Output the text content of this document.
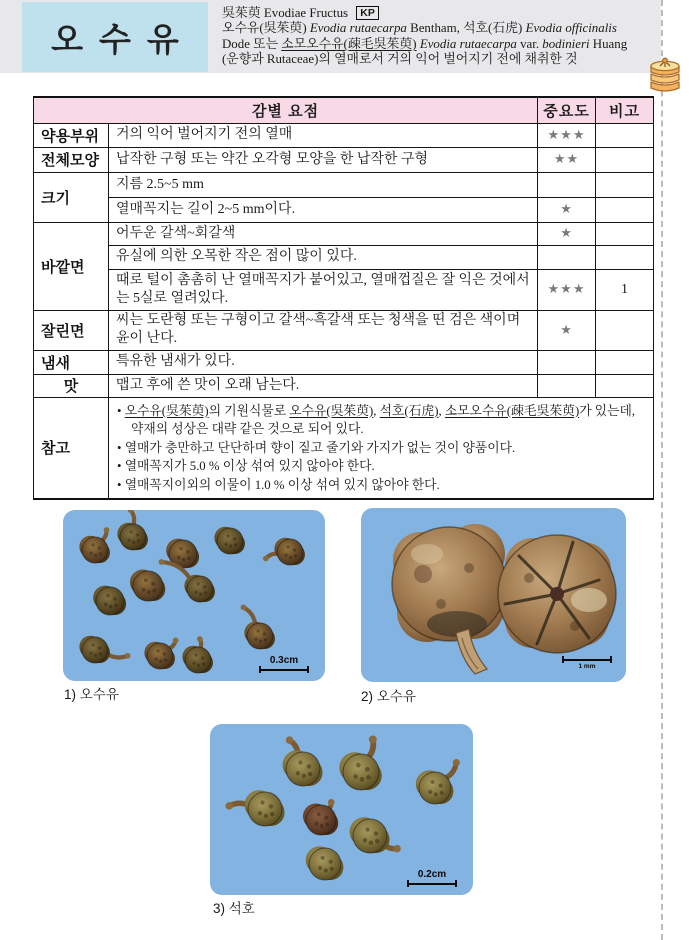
오수유
吳茱萸 Evodiae Fructus KP
오수유(吳茱萸) Evodia rutaecarpa Bentham, 석호(石虎) Evodia officinalis
Dode 또는 소모오수유(疎毛吳茱萸) Evodia rutaecarpa var. bodinieri Huang
(운향과 Rutaceae)의 열매로서 거의 익어 벌어지기 전에 채취한 것
감별 요점		중요도	비고
약용부위	거의 익어 벌어지기 전의 열매	★★★	
전체모양	납작한 구형 또는 약간 오각형 모양을 한 납작한 구형	★★	
크기	지름 2.5~5 mm		
	열매꼭지는 길이 2~5 mm이다.	★	
바깥면	어두운 갈색~회갈색	★	
	유실에 의한 오목한 작은 점이 많이 있다.		
	때로 털이 촘촘히 난 열매꼭지가 붙어있고, 열매껍질은 잘 익은 것에서는 5실로 열려있다.	★★★	1
잘린면	씨는 도란형 또는 구형이고 갈색~흑갈색 또는 청색을 띤 검은 색이며 윤이 난다.	★	
냄새	특유한 냄새가 있다.		
맛	맵고 후에 쓴 맛이 오래 남는다.		
참고	• 오수유(吳茱萸)의 기원식물로 오수유(吳茱萸), 석호(石虎), 소모오수유(疎毛吳茱萸)가 있는데, 약재의 성상은 대략 같은 것으로 되어 있다.
• 열매가 충만하고 단단하며 향이 짙고 줄기와 가지가 없는 것이 양품이다.
• 열매꼭지가 5.0 % 이상 섞여 있지 않아야 한다.
• 열매꼭지이외의 이물이 1.0 % 이상 섞여 있지 않아야 한다.		
0.3cm
1) 오수유
1 mm
2) 오수유
0.2cm
3) 석호
